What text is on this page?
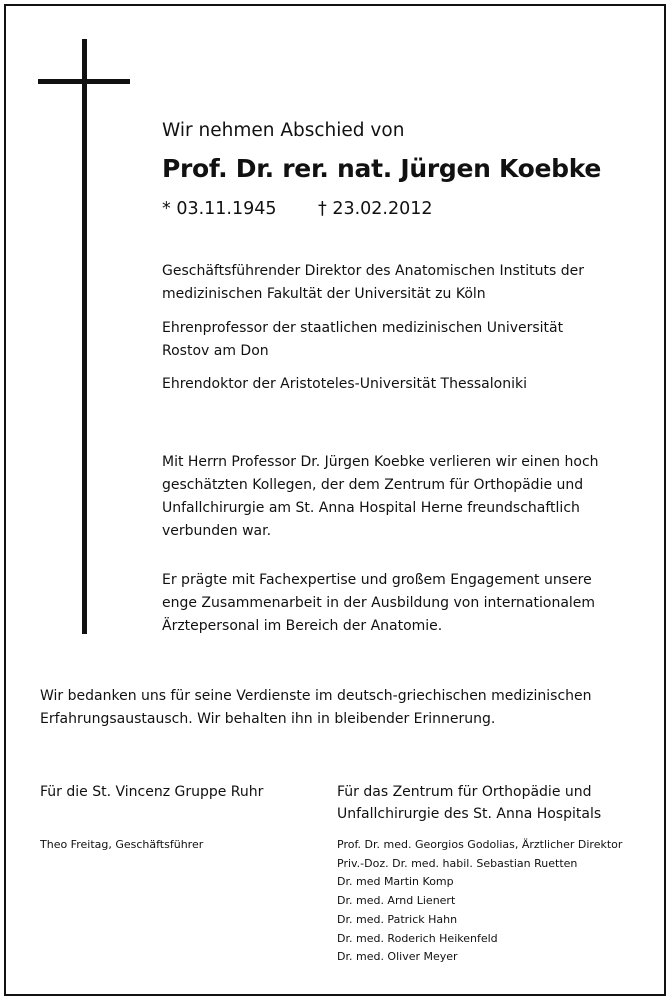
Wir nehmen Abschied von
Prof. Dr. rer. nat. Jürgen Koebke
* 03.11.1945 † 23.02.2012
Geschäftsführender Direktor des Anatomischen Instituts der
medizinischen Fakultät der Universität zu Köln
Ehrenprofessor der staatlichen medizinischen Universität
Rostov am Don
Ehrendoktor der Aristoteles-Universität Thessaloniki
Mit Herrn Professor Dr. Jürgen Koebke verlieren wir einen hoch
geschätzten Kollegen, der dem Zentrum für Orthopädie und
Unfallchirurgie am St. Anna Hospital Herne freundschaftlich
verbunden war.
Er prägte mit Fachexpertise und großem Engagement unsere
enge Zusammenarbeit in der Ausbildung von internationalem
Ärztepersonal im Bereich der Anatomie.
Wir bedanken uns für seine Verdienste im deutsch-griechischen medizinischen
Erfahrungsaustausch. Wir behalten ihn in bleibender Erinnerung.
Für die St. Vincenz Gruppe Ruhr
Theo Freitag, Geschäftsführer
Für das Zentrum für Orthopädie und
Unfallchirurgie des St. Anna Hospitals
Prof. Dr. med. Georgios Godolias, Ärztlicher Direktor
Priv.-Doz. Dr. med. habil. Sebastian Ruetten
Dr. med Martin Komp
Dr. med. Arnd Lienert
Dr. med. Patrick Hahn
Dr. med. Roderich Heikenfeld
Dr. med. Oliver Meyer
